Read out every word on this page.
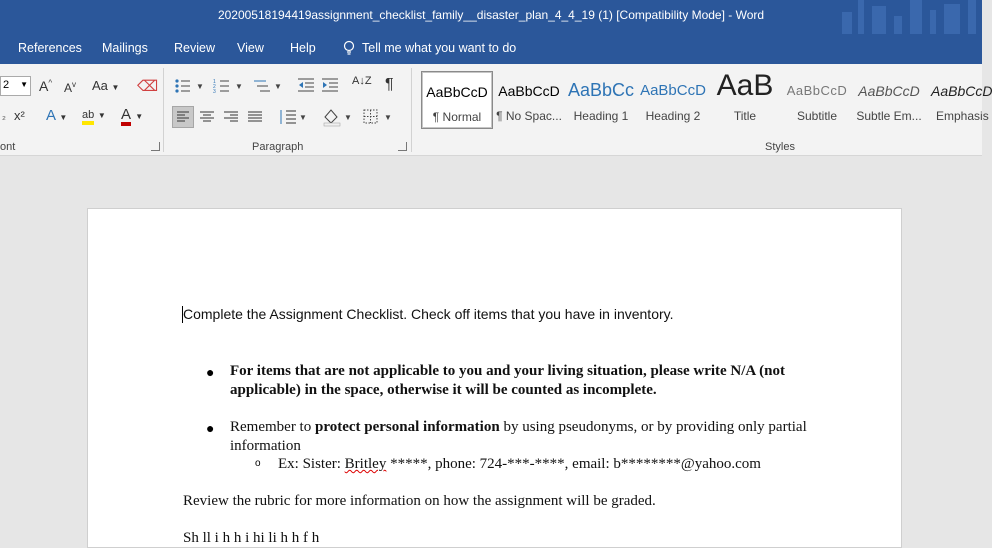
20200518194419assignment_checklist_family__disaster_plan_4_4_19 (1) [Compatibility Mode] - Word
References Mailings Review View Help	Tell me what you want to do
2 ▼ A^ $A^v$ Aa ▼ ⌫
₂ x² A ▼ ab ▼ A ▼
ont
▼ 1
2
3
▼	▼	A↓Z ¶
▼	▼	▼
Paragraph	Styles
AaBbCcD
¶ Normal
AaBbCcD
¶ No Spac...
AaBbCc
Heading 1
AaBbCcD
Heading 2
AaB
Title
AaBbCcD
Subtitle
AaBbCcD
Subtle Em...
AaBbCcD
Emphasis
Complete the Assignment Checklist. Check off items that you have in inventory.
● For items that are not applicable to you and your living situation, please write N/A (not applicable) in the space, otherwise it will be counted as incomplete.
● Remember to protect personal information by using pseudonyms, or by providing only partial information
o Ex: Sister: Britley *****, phone: 724-***-****, email: b********@yahoo.com
Review the rubric for more information on how the assignment will be graded.
Sh ll i h h i hi li h h f h
